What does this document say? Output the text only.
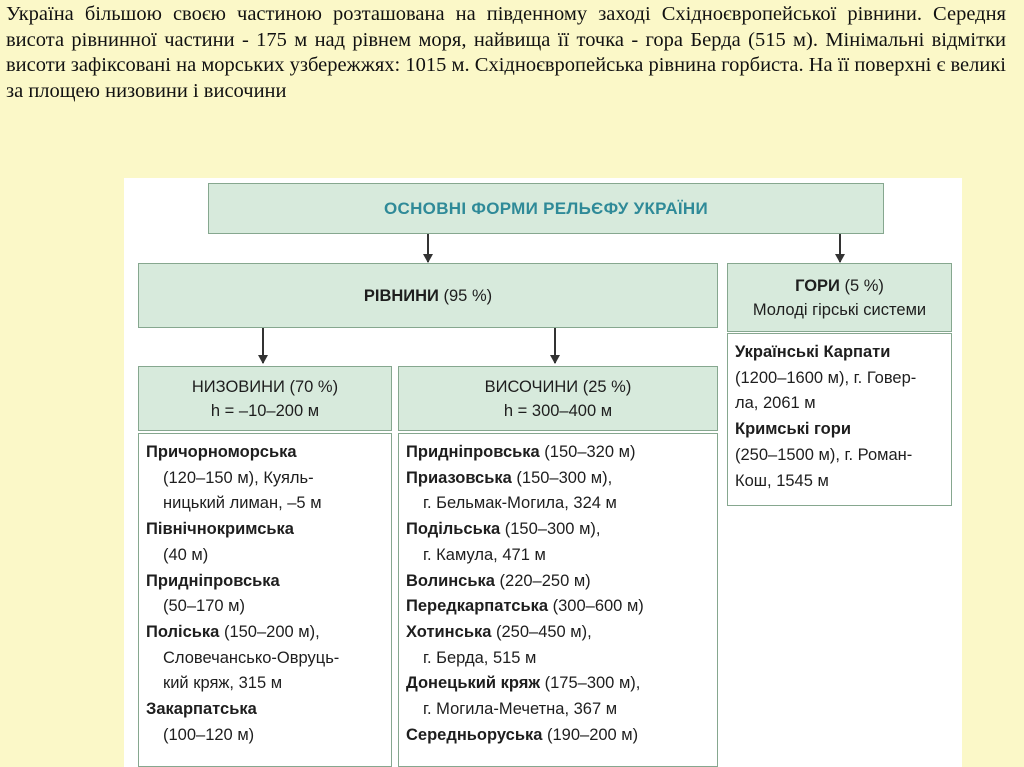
Україна більшою своєю частиною розташована на південному заході Східноєвропейської рівнини. Середня висота рівнинної частини - 175 м над рівнем моря, найвища її точка - гора Берда (515 м). Мінімальні відмітки висоти зафіксовані на морських узбережжях: 1015 м. Східноєвропейська рівнина горбиста. На її поверхні є великі за площею низовини і височини
ОСНОВНІ ФОРМИ РЕЛЬЄФУ УКРАЇНИ
РІВНИНИ (95 %)
ГОРИ (5 %)
Молоді гірські системи
НИЗОВИНИ (70 %)
h = –10–200 м
ВИСОЧИНИ (25 %)
h = 300–400 м
Причорноморська
(120–150 м), Куяль-
ницький лиман, –5 м
Північнокримська
(40 м)
Придніпровська
(50–170 м)
Поліська (150–200 м),
Словечансько-Овруць-
кий кряж, 315 м
Закарпатська
(100–120 м)
Придніпровська (150–320 м)
Приазовська (150–300 м),
г. Бельмак-Могила, 324 м
Подільська (150–300 м),
г. Камула, 471 м
Волинська (220–250 м)
Передкарпатська (300–600 м)
Хотинська (250–450 м),
г. Берда, 515 м
Донецький кряж (175–300 м),
г. Могила-Мечетна, 367 м
Середньоруська (190–200 м)
Українські Карпати
(1200–1600 м), г. Говер-
ла, 2061 м
Кримські гори
(250–1500 м), г. Роман-
Кош, 1545 м
